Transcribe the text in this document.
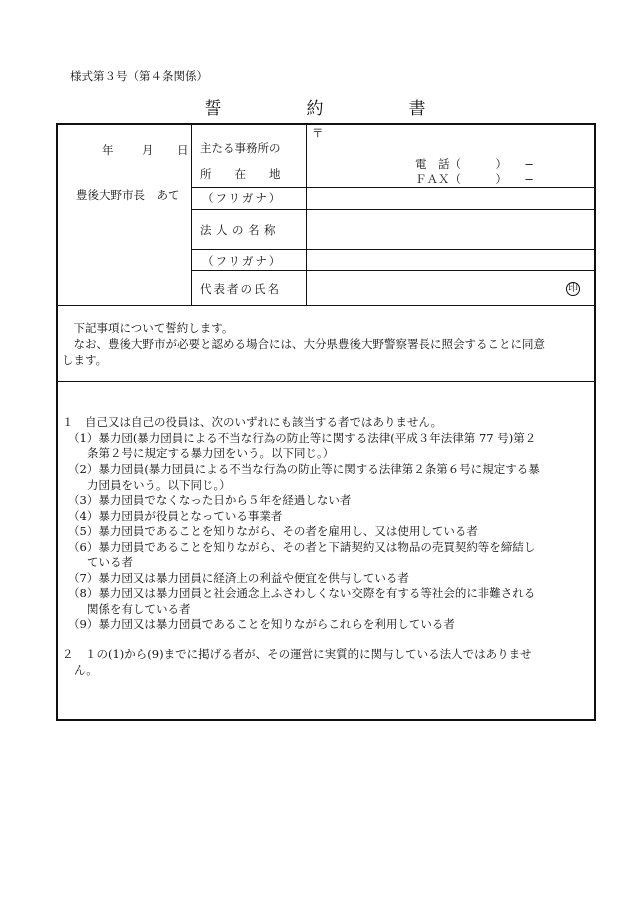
様式第３号（第４条関係）
誓　約　書
年 月 日
豊後大野市長　あて
主たる事務所の
所　　在　　地
（フリガナ）
法人の名称
（フリガナ）
代表者の氏名
〒
電　話（　　　）　　−
ＦＡＸ（　　　）　　−
印
　下記事項について誓約します。
　なお、豊後大野市が必要と認める場合には、大分県豊後大野警察署長に照会することに同意
します。
１　自己又は自己の役員は、次のいずれにも該当する者ではありません。
（1）暴力団(暴力団員による不当な行為の防止等に関する法律(平成３年法律第 77 号)第２
条第２号に規定する暴力団をいう。以下同じ。）
（2）暴力団員(暴力団員による不当な行為の防止等に関する法律第２条第６号に規定する暴
力団員をいう。以下同じ。）
（3）暴力団員でなくなった日から５年を経過しない者
（4）暴力団員が役員となっている事業者
（5）暴力団員であることを知りながら、その者を雇用し、又は使用している者
（6）暴力団員であることを知りながら、その者と下請契約又は物品の売買契約等を締結し
ている者
（7）暴力団又は暴力団員に経済上の利益や便宜を供与している者
（8）暴力団又は暴力団員と社会通念上ふさわしくない交際を有する等社会的に非難される
関係を有している者
（9）暴力団又は暴力団員であることを知りながらこれらを利用している者
２　１の(1)から(9)までに掲げる者が、その運営に実質的に関与している法人ではありませ
ん。
